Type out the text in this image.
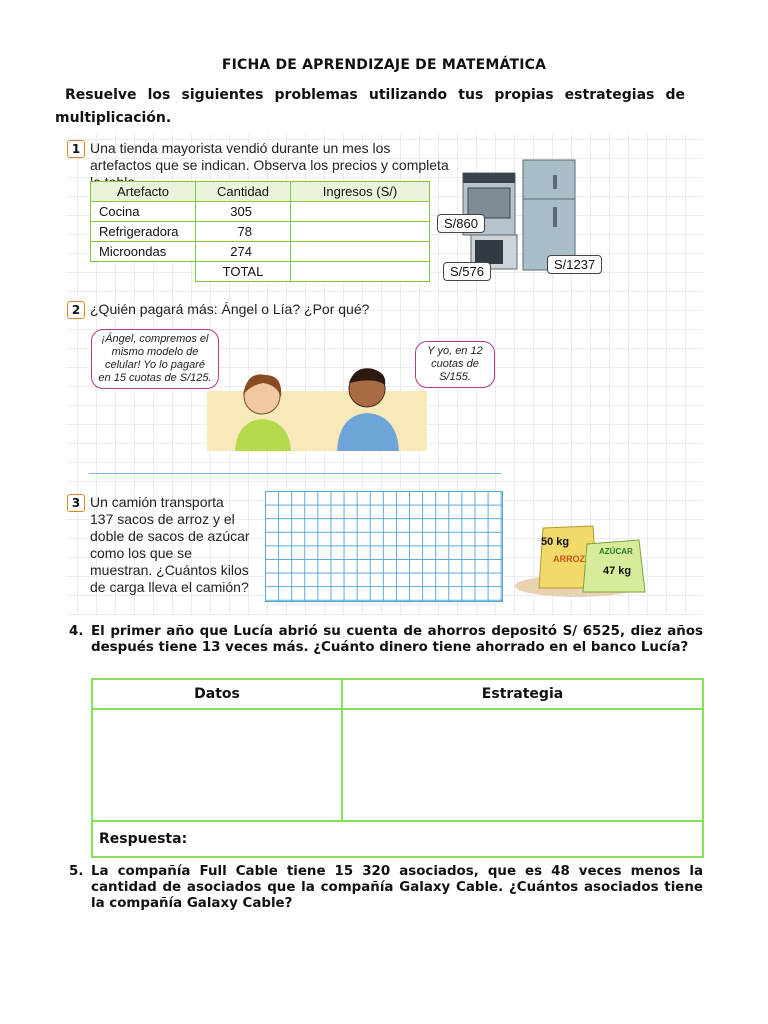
FICHA DE APRENDIZAJE DE MATEMÁTICA
Resuelve los siguientes problemas utilizando tus propias estrategias de multiplicación.
1 Una tienda mayorista vendió durante un mes los artefactos que se indican. Observa los precios y completa
Artefacto	Cantidad	Ingresos (S/)
Cocina	305	
Refrigeradora	78	
Microondas	274	
	TOTAL	
S/860
S/576	S/1237
2 ¿Quién pagará más: Ángel o Lía? ¿Por qué?
¡Ángel, compremos el mismo modelo de celular! Yo lo pagaré en 15 cuotas de S/125.
Y yo, en 12 cuotas de S/155.
3 Un camión transporta 137 sacos de arroz y el doble de sacos de azúcar como los que se muestran. ¿Cuántos kilos de carga lleva el camión?
50 kg
ARROZ
AZÚCAR
47 kg
4. El primer año que Lucía abrió su cuenta de ahorros depositó S/ 6525, diez años después tiene 13 veces más. ¿Cuánto dinero tiene ahorrado en el banco Lucía?
Datos	Estrategia

Respuesta:	
5. La compañía Full Cable tiene 15 320 asociados, que es 48 veces menos la cantidad de asociados que la compañía Galaxy Cable. ¿Cuántos asociados tiene la compañía Galaxy Cable?
